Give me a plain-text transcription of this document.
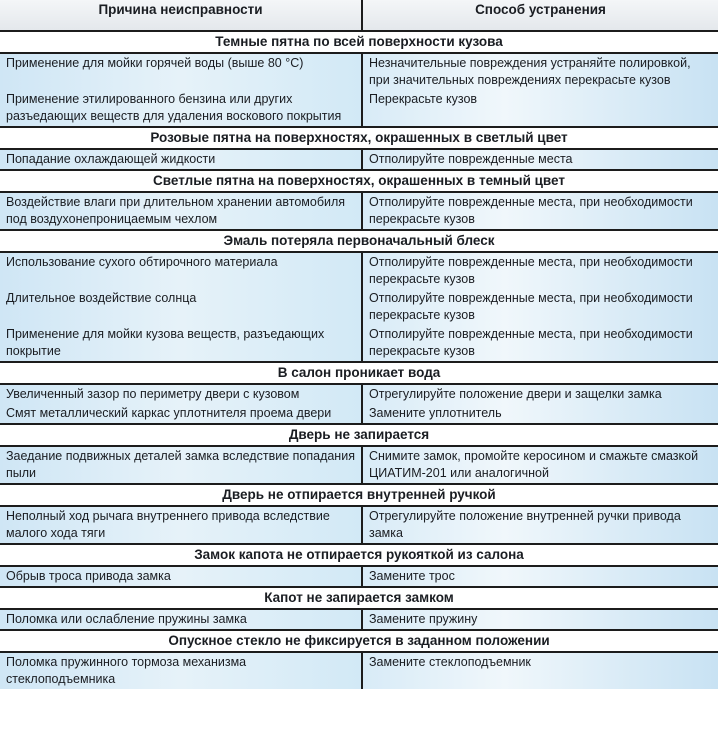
Причина неисправности	Способ устранения
Темные пятна по всей поверхности кузова	
Применение для мойки горячей воды (выше 80 °С)	Незначительные повреждения устраняйте полировкой, при значительных повреждениях перекрасьте кузов
Применение этилированного бензина или других разъедающих веществ для удаления воскового покрытия	Перекрасьте кузов
Розовые пятна на поверхностях, окрашенных в светлый цвет	
Попадание охлаждающей жидкости	Отполируйте поврежденные места
Светлые пятна на поверхностях, окрашенных в темный цвет	
Воздействие влаги при длительном хранении автомобиля под воздухонепроницаемым чехлом	Отполируйте поврежденные места, при необходимости перекрасьте кузов
Эмаль потеряла первоначальный блеск	
Использование сухого обтирочного материала	Отполируйте поврежденные места, при необходимости перекрасьте кузов
Длительное воздействие солнца	Отполируйте поврежденные места, при необходимости перекрасьте кузов
Применение для мойки кузова веществ, разъедающих покрытие	Отполируйте поврежденные места, при необходимости перекрасьте кузов
В салон проникает вода	
Увеличенный зазор по периметру двери с кузовом	Отрегулируйте положение двери и защелки замка
Смят металлический каркас уплотнителя проема двери	Замените уплотнитель
Дверь не запирается	
Заедание подвижных деталей замка вследствие попадания пыли	Снимите замок, промойте керосином и смажьте смазкой ЦИАТИМ-201 или аналогичной
Дверь не отпирается внутренней ручкой	
Неполный ход рычага внутреннего привода вследствие малого хода тяги	Отрегулируйте положение внутренней ручки привода замка
Замок капота не отпирается рукояткой из салона	
Обрыв троса привода замка	Замените трос
Капот не запирается замком	
Поломка или ослабление пружины замка	Замените пружину
Опускное стекло не фиксируется в заданном положении	
Поломка пружинного тормоза механизма стеклоподъемника	Замените стеклоподъемник
